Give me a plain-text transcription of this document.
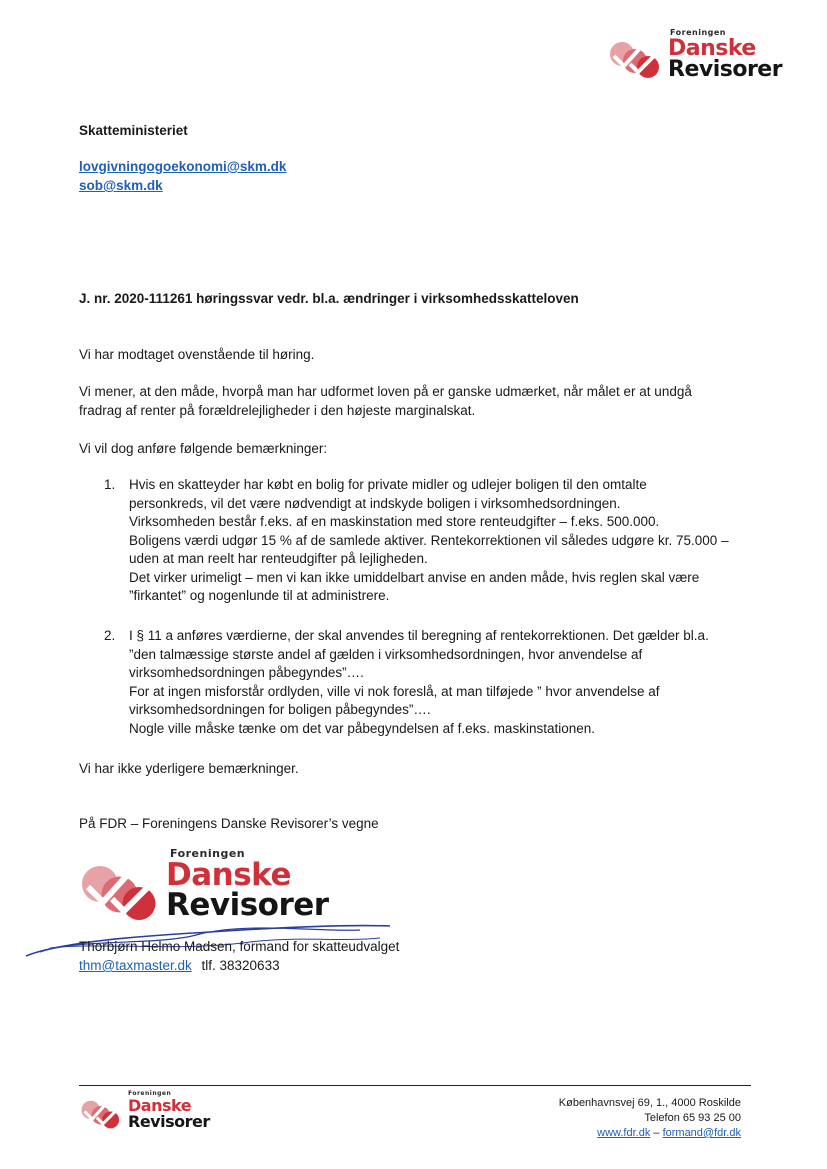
Foreningen
Danske
Revisorer
Skatteministeriet
lovgivningogoekonomi@skm.dk
sob@skm.dk
J. nr. 2020-111261 høringssvar vedr. bl.a. ændringer i virksomhedsskatteloven
Vi har modtaget ovenstående til høring.
Vi mener, at den måde, hvorpå man har udformet loven på er ganske udmærket, når målet er at undgå
fradrag af renter på forældrelejligheder i den højeste marginalskat.
Vi vil dog anføre følgende bemærkninger:
1. Hvis en skatteyder har købt en bolig for private midler og udlejer boligen til den omtalte
personkreds, vil det være nødvendigt at indskyde boligen i virksomhedsordningen.
Virksomheden består f.eks. af en maskinstation med store renteudgifter – f.eks. 500.000.
Boligens værdi udgør 15 % af de samlede aktiver. Rentekorrektionen vil således udgøre kr. 75.000 –
uden at man reelt har renteudgifter på lejligheden.
Det virker urimeligt – men vi kan ikke umiddelbart anvise en anden måde, hvis reglen skal være
”firkantet” og nogenlunde til at administrere.
2. I § 11 a anføres værdierne, der skal anvendes til beregning af rentekorrektionen. Det gælder bl.a.
”den talmæssige største andel af gælden i virksomhedsordningen, hvor anvendelse af
virksomhedsordningen påbegyndes”….
For at ingen misforstår ordlyden, ville vi nok foreslå, at man tilføjede ” hvor anvendelse af
virksomhedsordningen for boligen påbegyndes”….
Nogle ville måske tænke om det var påbegyndelsen af f.eks. maskinstationen.
Vi har ikke yderligere bemærkninger.
På FDR – Foreningens Danske Revisorer’s vegne
Foreningen
Danske
Revisorer
Thorbjørn Helmo Madsen, formand for skatteudvalget
thm@taxmaster.dk tlf. 38320633
Foreningen
Danske
Revisorer
Københavnsvej 69, 1., 4000 Roskilde
Telefon 65 93 25 00
www.fdr.dk – formand@fdr.dk
